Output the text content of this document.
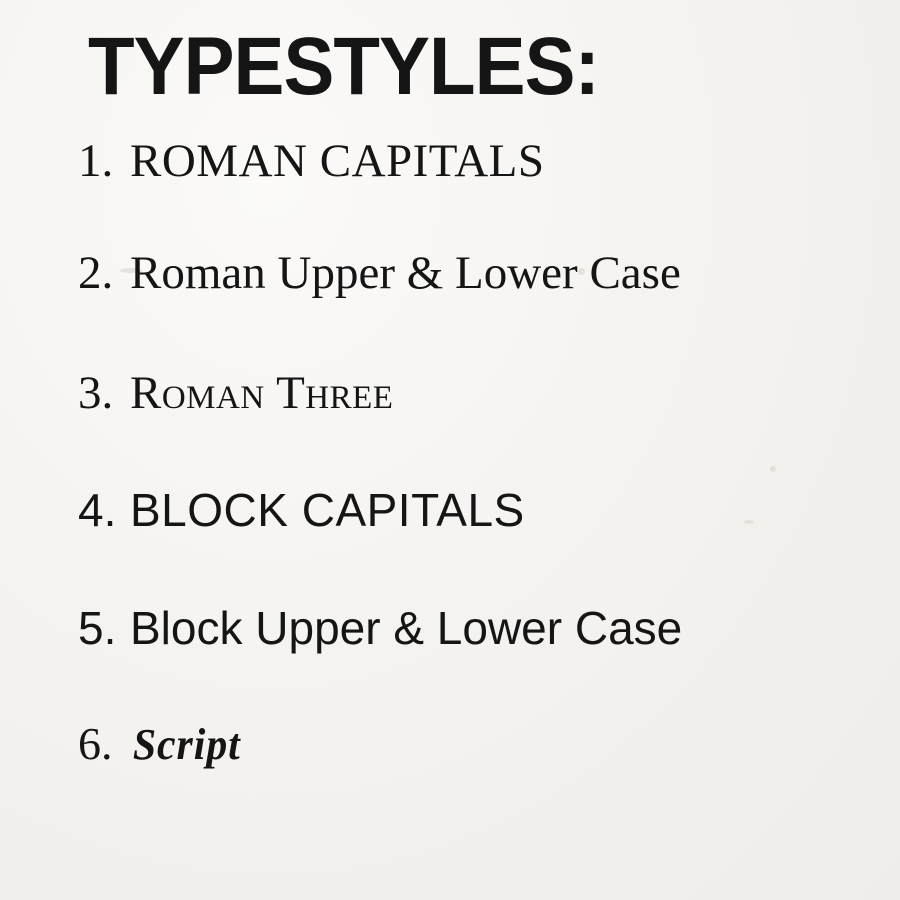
TYPESTYLES:
1. ROMAN CAPITALS
2. Roman Upper & Lower Case
3. Roman Three
4. BLOCK CAPITALS
5. Block Upper & Lower Case
6. Script
